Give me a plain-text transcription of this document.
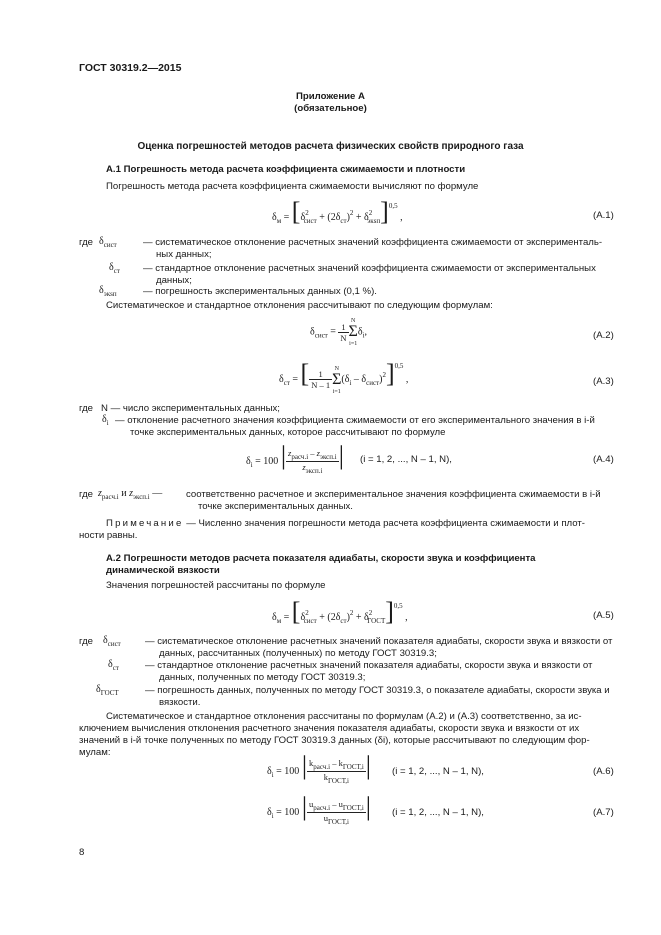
ГОСТ 30319.2—2015
Приложение А
(обязательное)
Оценка погрешностей методов расчета физических свойств природного газа
А.1 Погрешность метода расчета коэффициента сжимаемости и плотности
Погрешность метода расчета коэффициента сжимаемости вычисляют по формуле
$\delta_м = [\delta^2_{сист} + (2\delta_{ст})^2 + \delta^2_{экsп}]^{0,5}$ ,	(А.1)
где $\delta_{сист}$	— систематическое отклонение расчетных значений коэффициента сжимаемости от эксперименталь-
ных данных;
$\delta_{ст}$ — стандартное отклонение расчетных значений коэффициента сжимаемости от экспериментальных
данных;
$\delta_{экsп}$	— погрешность экспериментальных данных (0,1 %).
Систематическое и стандартное отклонения рассчитывают по следующим формулам:
$\delta_{сист} = \frac{1}{N}$
N
Σ
$i=1\delta_i$,	(А.2)
$\delta_{ст}$ = [ $\frac{1}{N - 1}$
N
Σ
$i=1(\delta_i - \delta_{сист})^2]^{0,5}$ ,	(А.3)
где N — число экспериментальных данных;
$\delta_i$ — отклонение расчетного значения коэффициента сжимаемости от его экспериментального значения в i-й
точке экспериментальных данных, которое рассчитывают по формуле
$\delta_i = 100$ | $\frac{z_{расч.i} - z_{эксп.i}}{z_{эксп.i}}$ | (i = 1, 2, ..., N – 1, N),	(А.4)
где $z_{расч.i}$ и $z_{эксп.i}$ — соответственно расчетное и экспериментальное значения коэффициента сжимаемости в i-й
точке экспериментальных данных.
Примечание — Численно значения погрешности метода расчета коэффициента сжимаемости и плот-
ности равны.
А.2 Погрешности методов расчета показателя адиабаты, скорости звука и коэффициента
динамической вязкости
Значения погрешностей рассчитаны по формуле
$\delta_м = [\delta^2_{сист} + (2\delta_{ст})^2 + \delta^2_{ГОСТ}]^{0,5}$ ,	(А.5)
где $\delta_{сист}$	— систематическое отклонение расчетных значений показателя адиабаты, скорости звука и вязкости от
данных, рассчитанных (полученных) по методу ГОСТ 30319.3;
$\delta_{ст}$	— стандартное отклонение расчетных значений показателя адиабаты, скорости звука и вязкости от
данных, полученных по методу ГОСТ 30319.3;
$\delta_{ГОСТ}$	— погрешность данных, полученных по методу ГОСТ 30319.3, о показателе адиабаты, скорости звука и
вязкости.
Систематическое и стандартное отклонения рассчитаны по формулам (А.2) и (А.3) соответственно, за ис-
ключением вычисления отклонения расчетного значения показателя адиабаты, скорости звука и вязкости от их
значений в i-й точке полученных по методу ГОСТ 30319.3 данных (δi), которые рассчитывают по следующим фор-
мулам:
$\delta_i = 100$ | $\frac{k_{расч.i} - k_{ГОСТ,i}}{k_{ГОСТ,i}}$ | (i = 1, 2, ..., N – 1, N),	(А.6)
$\delta_i = 100$ | $\frac{u_{расч.i} - u_{ГОСТ,i}}{u_{ГОСТ,i}}$ | (i = 1, 2, ..., N – 1, N),	(А.7)
8
